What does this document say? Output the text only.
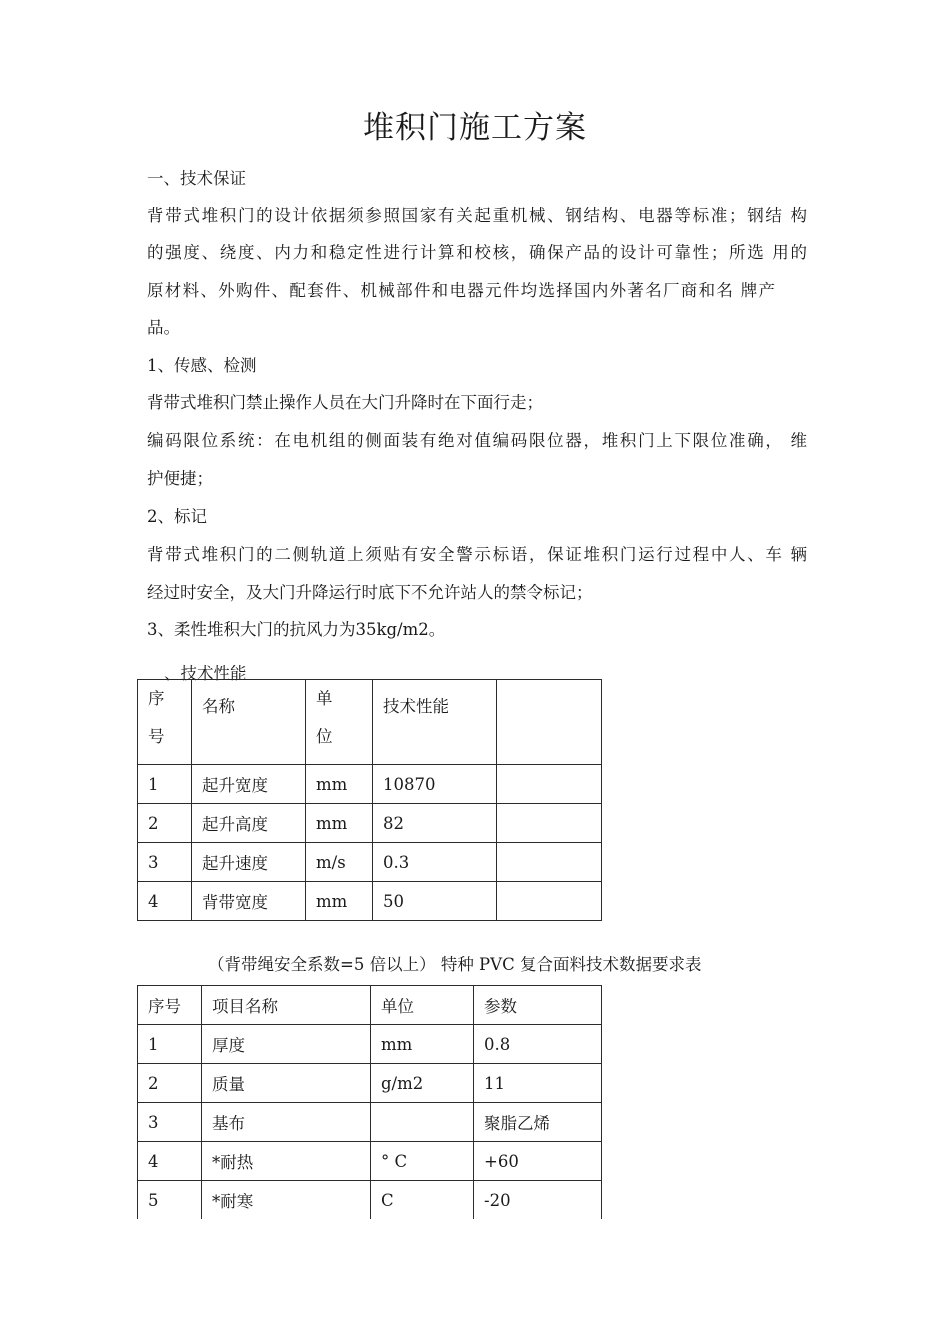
堆积门施工方案
一、技术保证
背带式堆积门的设计依据须参照国家有关起重机械、钢结构、电器等标准；钢结 构
的强度、绕度、内力和稳定性进行计算和校核，确保产品的设计可靠性；所选 用的
原材料、外购件、配套件、机械部件和电器元件均选择国内外著名厂商和名 牌产
品。
1、传感、检测
背带式堆积门禁止操作人员在大门升降时在下面行走；
编码限位系统：在电机组的侧面装有绝对值编码限位器，堆积门上下限位准确， 维
护便捷；
2、标记
背带式堆积门的二侧轨道上须贴有安全警示标语，保证堆积门运行过程中人、车 辆
经过时安全，及大门升降运行时底下不允许站人的禁令标记；
3、柔性堆积大门的抗风力为35kg/m2。
、技术性能
序号	名称	单位	技术性能	
1	起升宽度	mm	10870	
2	起升高度	mm	82	
3	起升速度	m/s	0.3	
4	背带宽度	mm	50	
（背带绳安全系数=5 倍以上） 特种 PVC 复合面料技术数据要求表
序号	项目名称	单位	参数
1	厚度	mm	0.8
2	质量	g/m2	11
3	基布		聚脂乙烯
4	*耐热	° C	+60
5	*耐寒	C	-20
